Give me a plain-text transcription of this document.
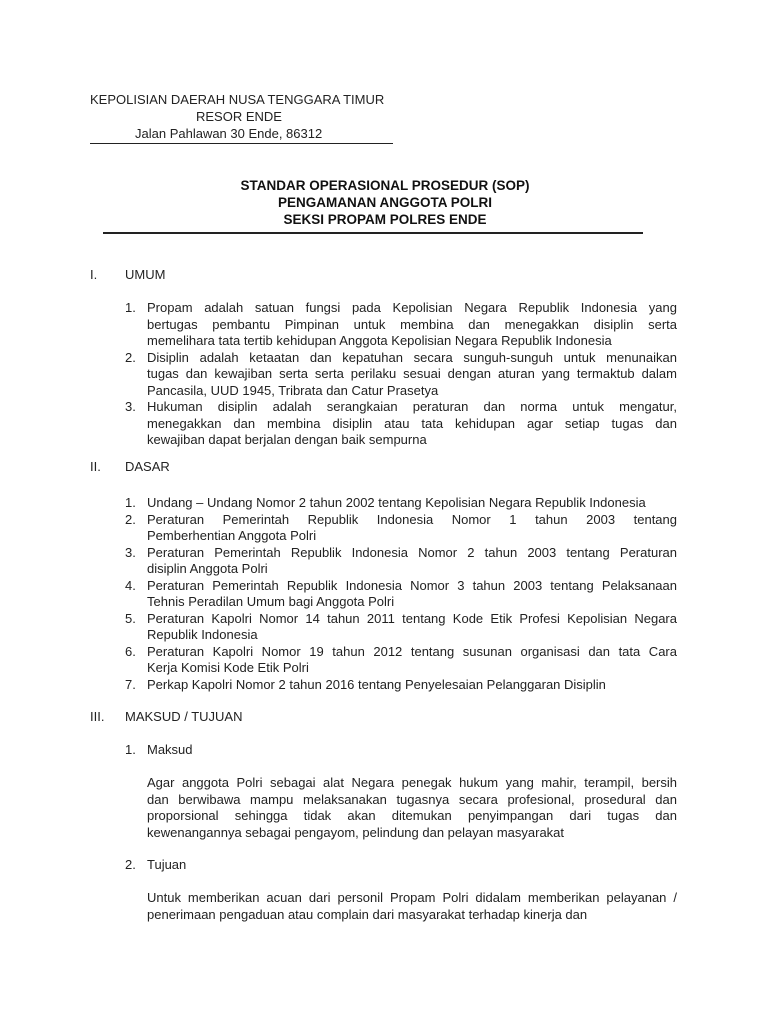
KEPOLISIAN DAERAH NUSA TENGGARA TIMUR
RESOR ENDE
Jalan Pahlawan 30 Ende, 86312
STANDAR OPERASIONAL PROSEDUR (SOP)
PENGAMANAN ANGGOTA POLRI
SEKSI PROPAM POLRES ENDE
I. UMUM
1. Propam adalah satuan fungsi pada Kepolisian Negara Republik Indonesia yang
bertugas pembantu Pimpinan untuk membina dan menegakkan disiplin serta
memelihara tata tertib kehidupan Anggota Kepolisian Negara Republik Indonesia
2. Disiplin adalah ketaatan dan kepatuhan secara sunguh-sunguh untuk menunaikan
tugas dan kewajiban serta serta perilaku sesuai dengan aturan yang termaktub dalam
Pancasila, UUD 1945, Tribrata dan Catur Prasetya
3. Hukuman disiplin adalah serangkaian peraturan dan norma untuk mengatur,
menegakkan dan membina disiplin atau tata kehidupan agar setiap tugas dan
kewajiban dapat berjalan dengan baik sempurna
II. DASAR
1. Undang – Undang Nomor 2 tahun 2002 tentang Kepolisian Negara Republik Indonesia
2. Peraturan Pemerintah Republik Indonesia Nomor 1 tahun 2003 tentang
Pemberhentian Anggota Polri
3. Peraturan Pemerintah Republik Indonesia Nomor 2 tahun 2003 tentang Peraturan
disiplin Anggota Polri
4. Peraturan Pemerintah Republik Indonesia Nomor 3 tahun 2003 tentang Pelaksanaan
Tehnis Peradilan Umum bagi Anggota Polri
5. Peraturan Kapolri Nomor 14 tahun 2011 tentang Kode Etik Profesi Kepolisian Negara
Republik Indonesia
6. Peraturan Kapolri Nomor 19 tahun 2012 tentang susunan organisasi dan tata Cara
Kerja Komisi Kode Etik Polri
7. Perkap Kapolri Nomor 2 tahun 2016 tentang Penyelesaian Pelanggaran Disiplin
III. MAKSUD / TUJUAN
1. Maksud
Agar anggota Polri sebagai alat Negara penegak hukum yang mahir, terampil, bersih
dan berwibawa mampu melaksanakan tugasnya secara profesional, prosedural dan
proporsional sehingga tidak akan ditemukan penyimpangan dari tugas dan
kewenangannya sebagai pengayom, pelindung dan pelayan masyarakat
2. Tujuan
Untuk memberikan acuan dari personil Propam Polri didalam memberikan pelayanan /
penerimaan pengaduan atau complain dari masyarakat terhadap kinerja dan
